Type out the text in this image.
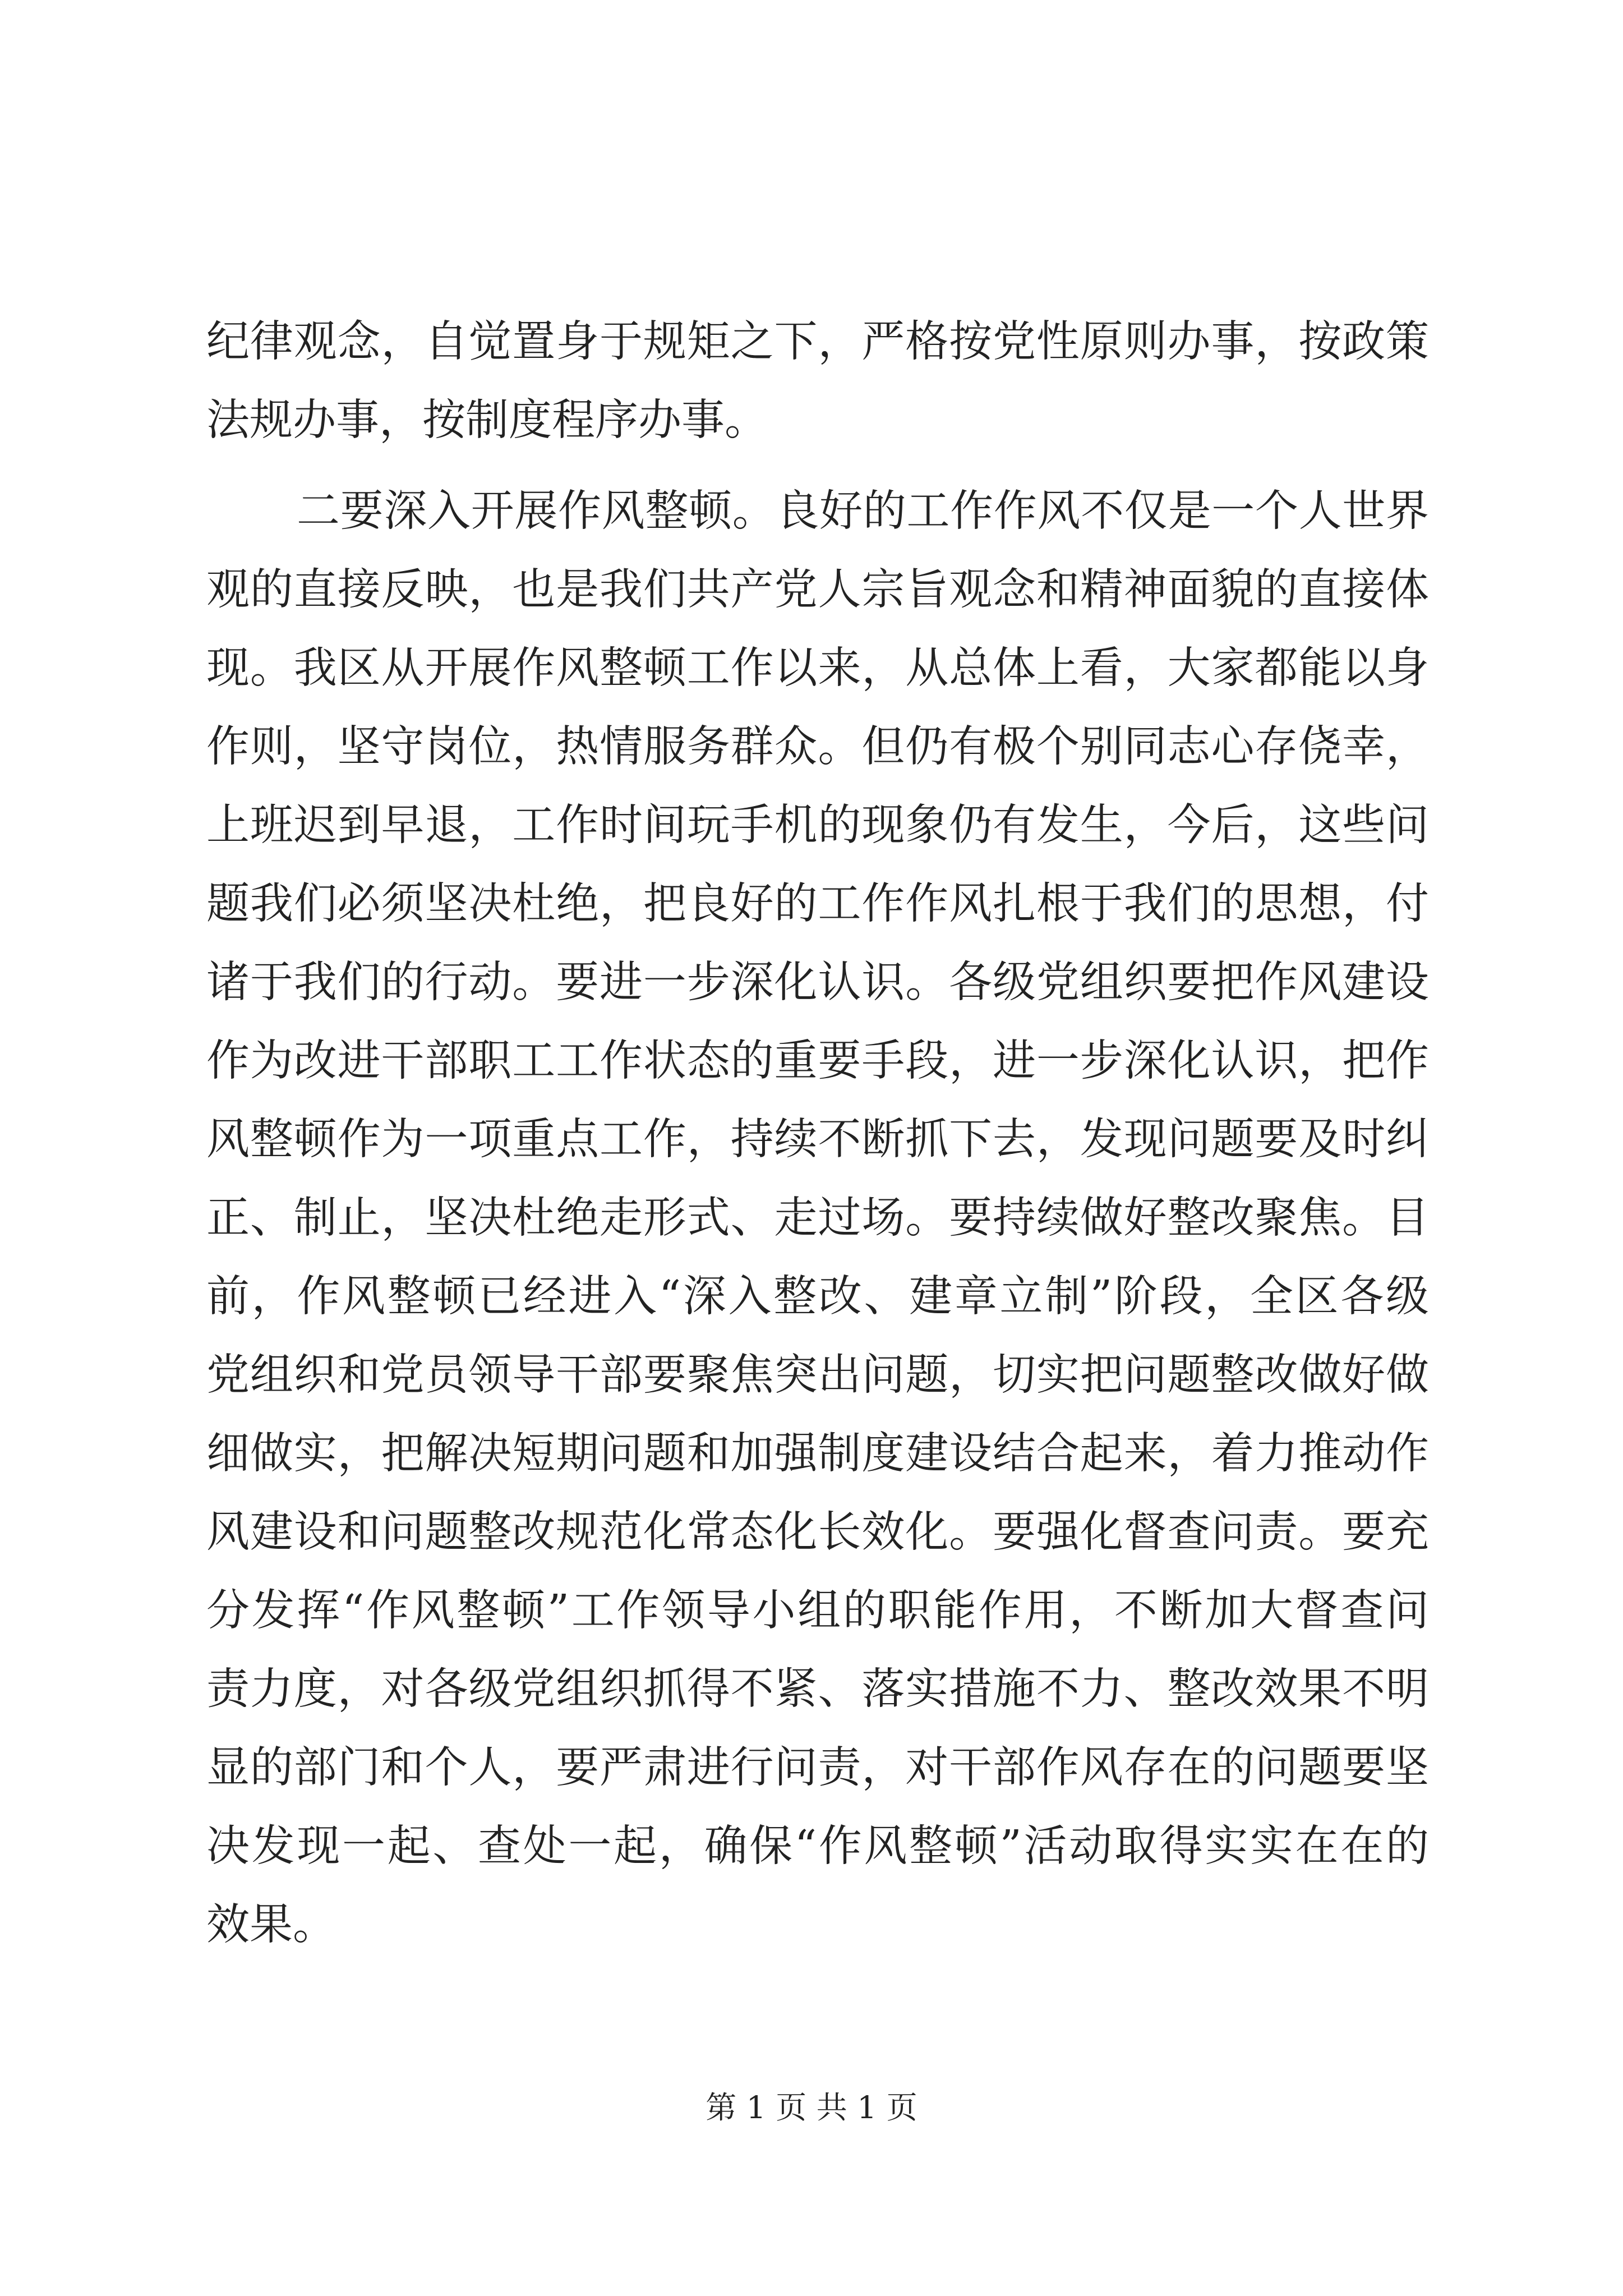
纪律观念，自觉置身于规矩之下，严格按党性原则办事，按政策
法规办事，按制度程序办事。
二要深入开展作风整顿。良好的工作作风不仅是一个人世界
观的直接反映，也是我们共产党人宗旨观念和精神面貌的直接体
现。我区从开展作风整顿工作以来，从总体上看，大家都能以身
作则，坚守岗位，热情服务群众。但仍有极个别同志心存侥幸，
上班迟到早退，工作时间玩手机的现象仍有发生，今后，这些问
题我们必须坚决杜绝，把良好的工作作风扎根于我们的思想，付
诸于我们的行动。要进一步深化认识。各级党组织要把作风建设
作为改进干部职工工作状态的重要手段，进一步深化认识，把作
风整顿作为一项重点工作，持续不断抓下去，发现问题要及时纠
正、制止，坚决杜绝走形式、走过场。要持续做好整改聚焦。目
前，作风整顿已经进入“深入整改、建章立制”阶段，全区各级
党组织和党员领导干部要聚焦突出问题，切实把问题整改做好做
细做实，把解决短期问题和加强制度建设结合起来，着力推动作
风建设和问题整改规范化常态化长效化。要强化督查问责。要充
分发挥“作风整顿”工作领导小组的职能作用，不断加大督查问
责力度，对各级党组织抓得不紧、落实措施不力、整改效果不明
显的部门和个人，要严肃进行问责，对干部作风存在的问题要坚
决发现一起、查处一起，确保“作风整顿”活动取得实实在在的
效果。
第 1 页 共 1 页
